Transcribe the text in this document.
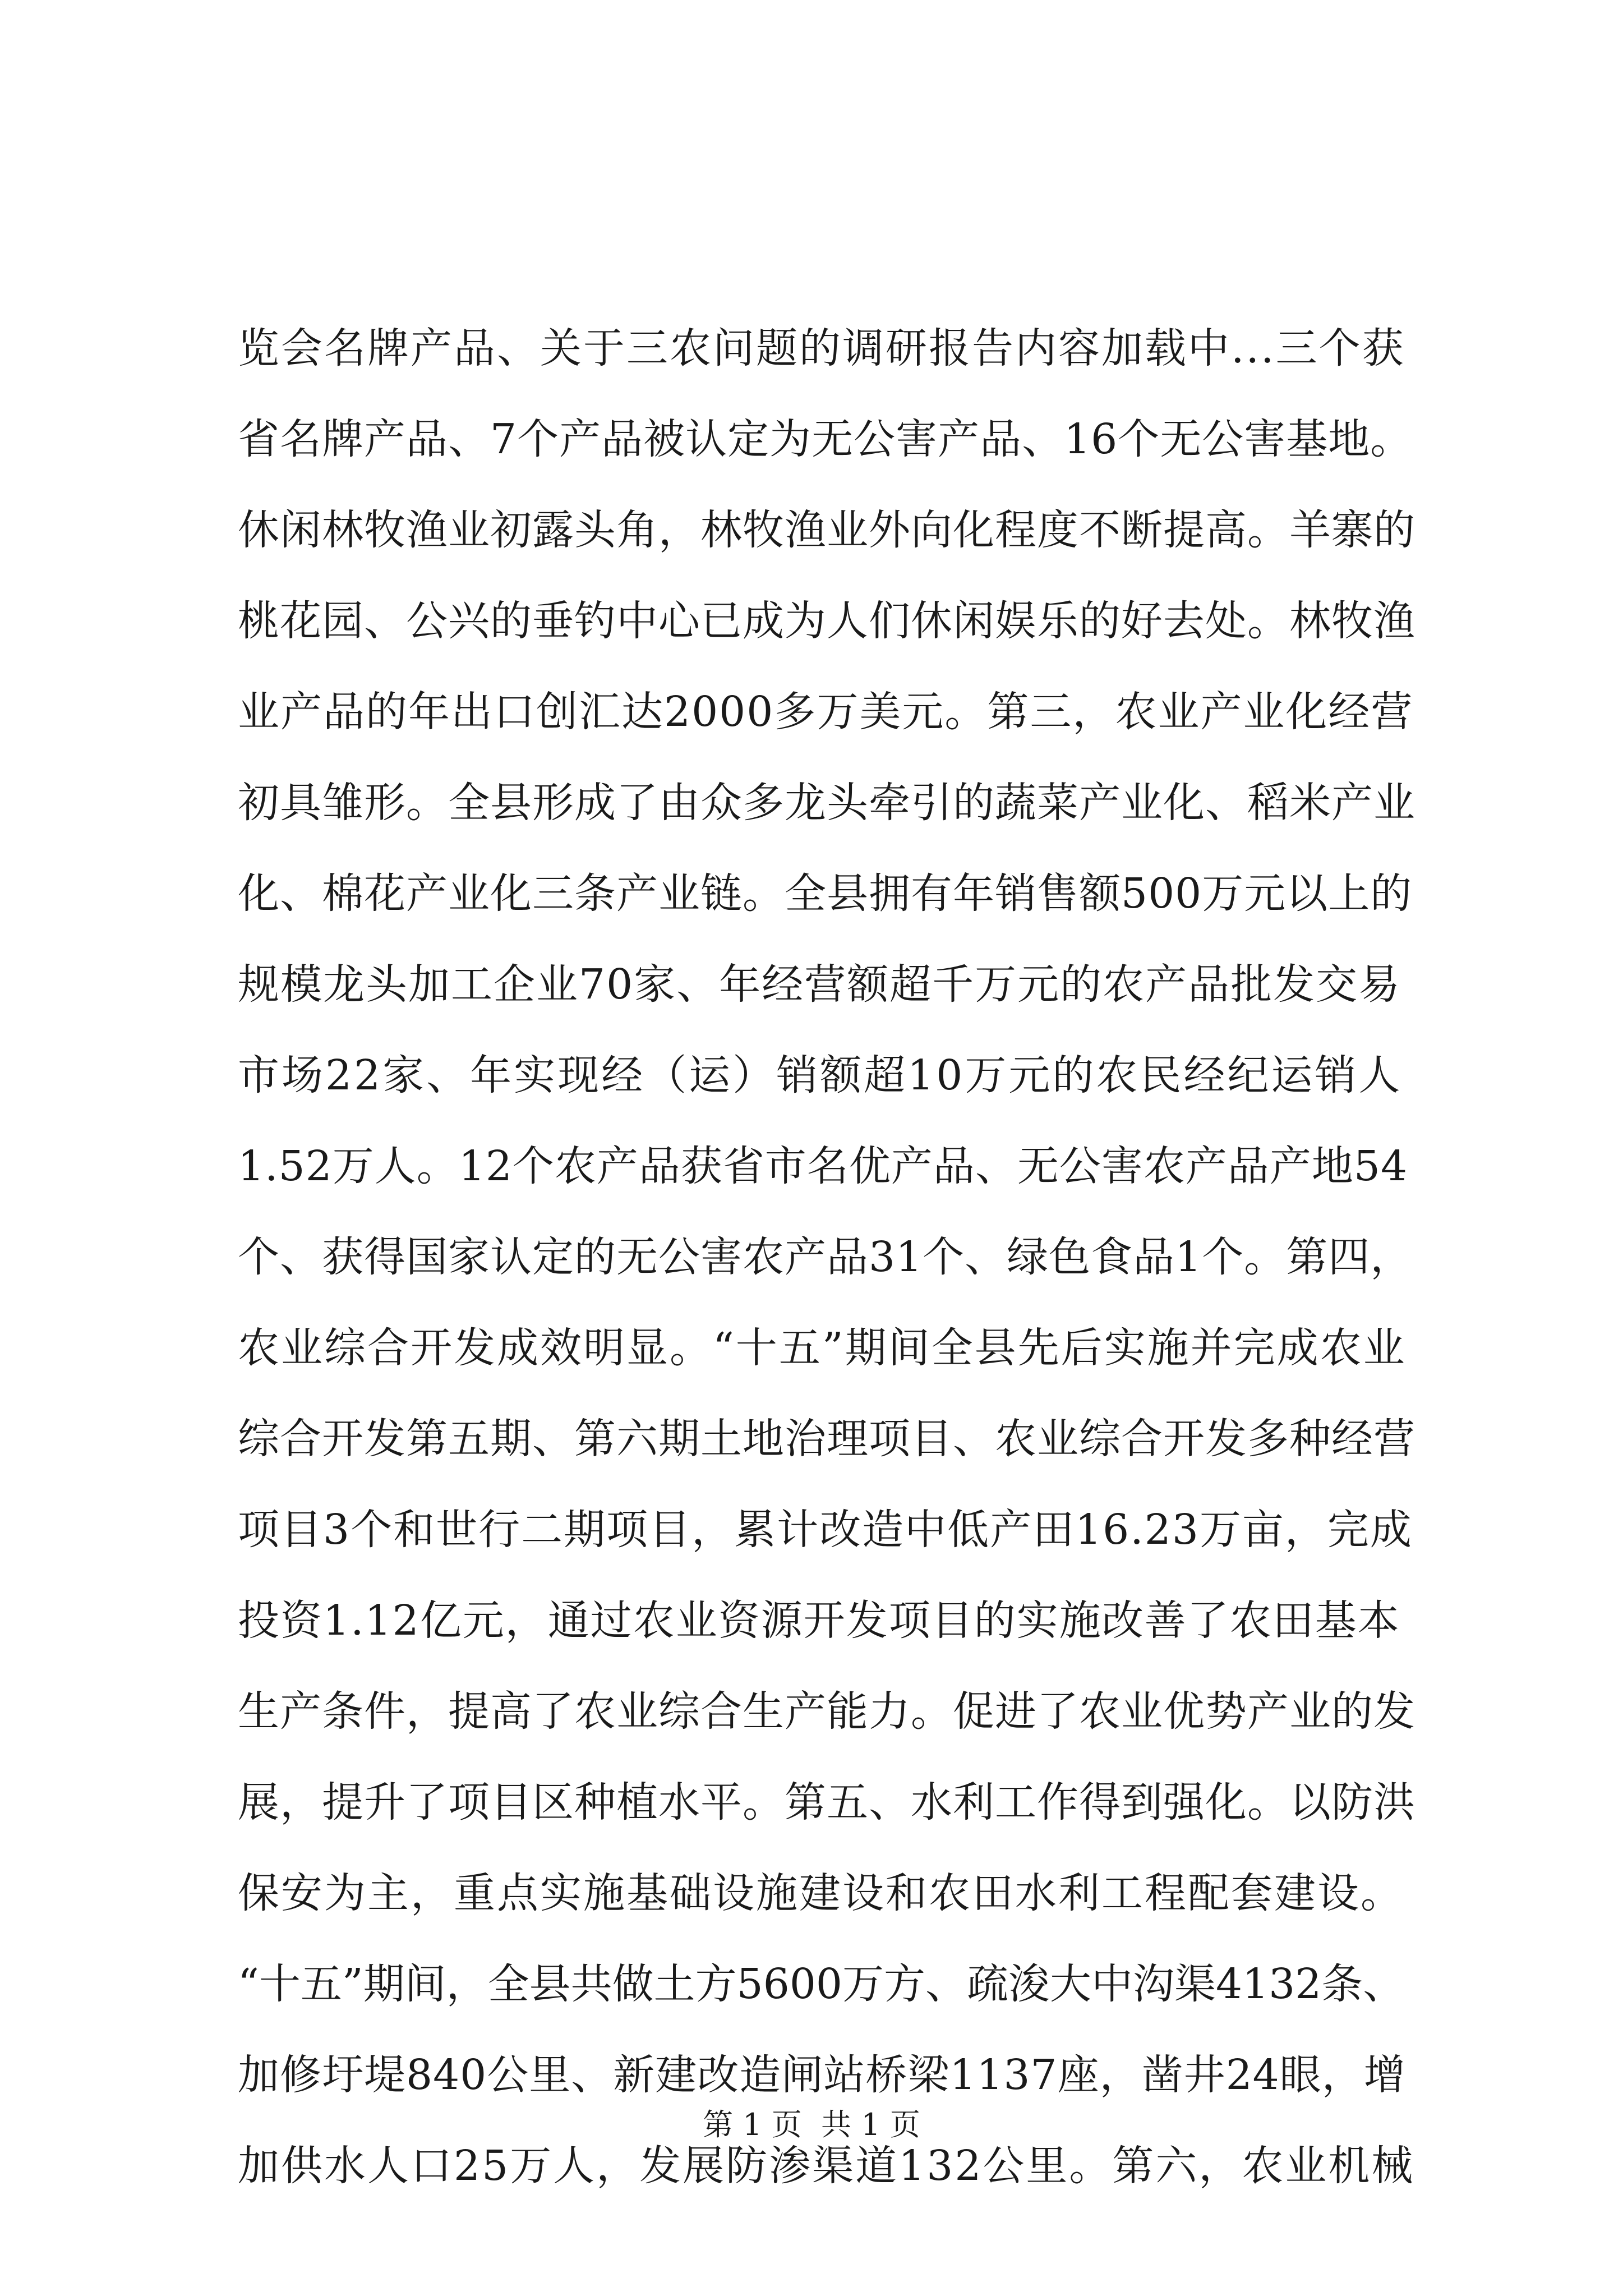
览会名牌产品、关于三农问题的调研报告内容加载中...三个获
省名牌产品、7个产品被认定为无公害产品、16个无公害基地。
休闲林牧渔业初露头角，林牧渔业外向化程度不断提高。羊寨的
桃花园、公兴的垂钓中心已成为人们休闲娱乐的好去处。林牧渔
业产品的年出口创汇达2000多万美元。第三，农业产业化经营
初具雏形。全县形成了由众多龙头牵引的蔬菜产业化、稻米产业
化、棉花产业化三条产业链。全县拥有年销售额500万元以上的
规模龙头加工企业70家、年经营额超千万元的农产品批发交易
市场22家、年实现经（运）销额超10万元的农民经纪运销人
1.52万人。12个农产品获省市名优产品、无公害农产品产地54
个、获得国家认定的无公害农产品31个、绿色食品1个。第四，
农业综合开发成效明显。“十五”期间全县先后实施并完成农业
综合开发第五期、第六期土地治理项目、农业综合开发多种经营
项目3个和世行二期项目，累计改造中低产田16.23万亩，完成
投资1.12亿元，通过农业资源开发项目的实施改善了农田基本
生产条件，提高了农业综合生产能力。促进了农业优势产业的发
展，提升了项目区种植水平。第五、水利工作得到强化。以防洪
保安为主，重点实施基础设施建设和农田水利工程配套建设。
“十五”期间，全县共做土方5600万方、疏浚大中沟渠4132条、
加修圩堤840公里、新建改造闸站桥梁1137座，凿井24眼，增
加供水人口25万人，发展防渗渠道132公里。第六，农业机械
第 1 页  共 1 页
